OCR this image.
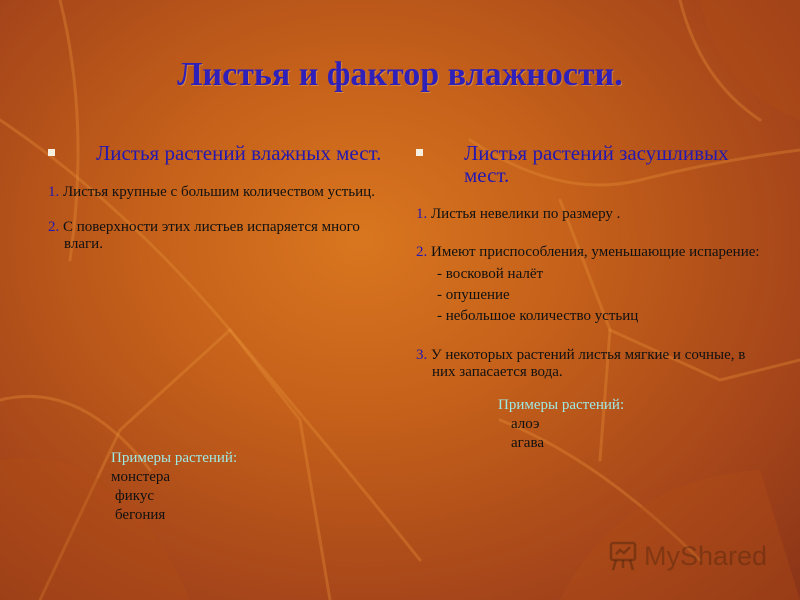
Листья и фактор влажности.
Листья растений влажных мест.

1. Листья крупные с большим количеством устьиц.

2. С поверхности этих листьев испаряется много влаги.

Примеры растений:

монстера

фикус

бегония

Листья растений засушливых мест.

1. Листья невелики по размеру .

2. Имеют приспособления, уменьшающие испарение:

- восковой налёт

- опушение

- небольшое количество устьиц

3. У некоторых растений листья мягкие и сочные, в них запасается вода.

Примеры растений:

алоэ

агава

MyShared
